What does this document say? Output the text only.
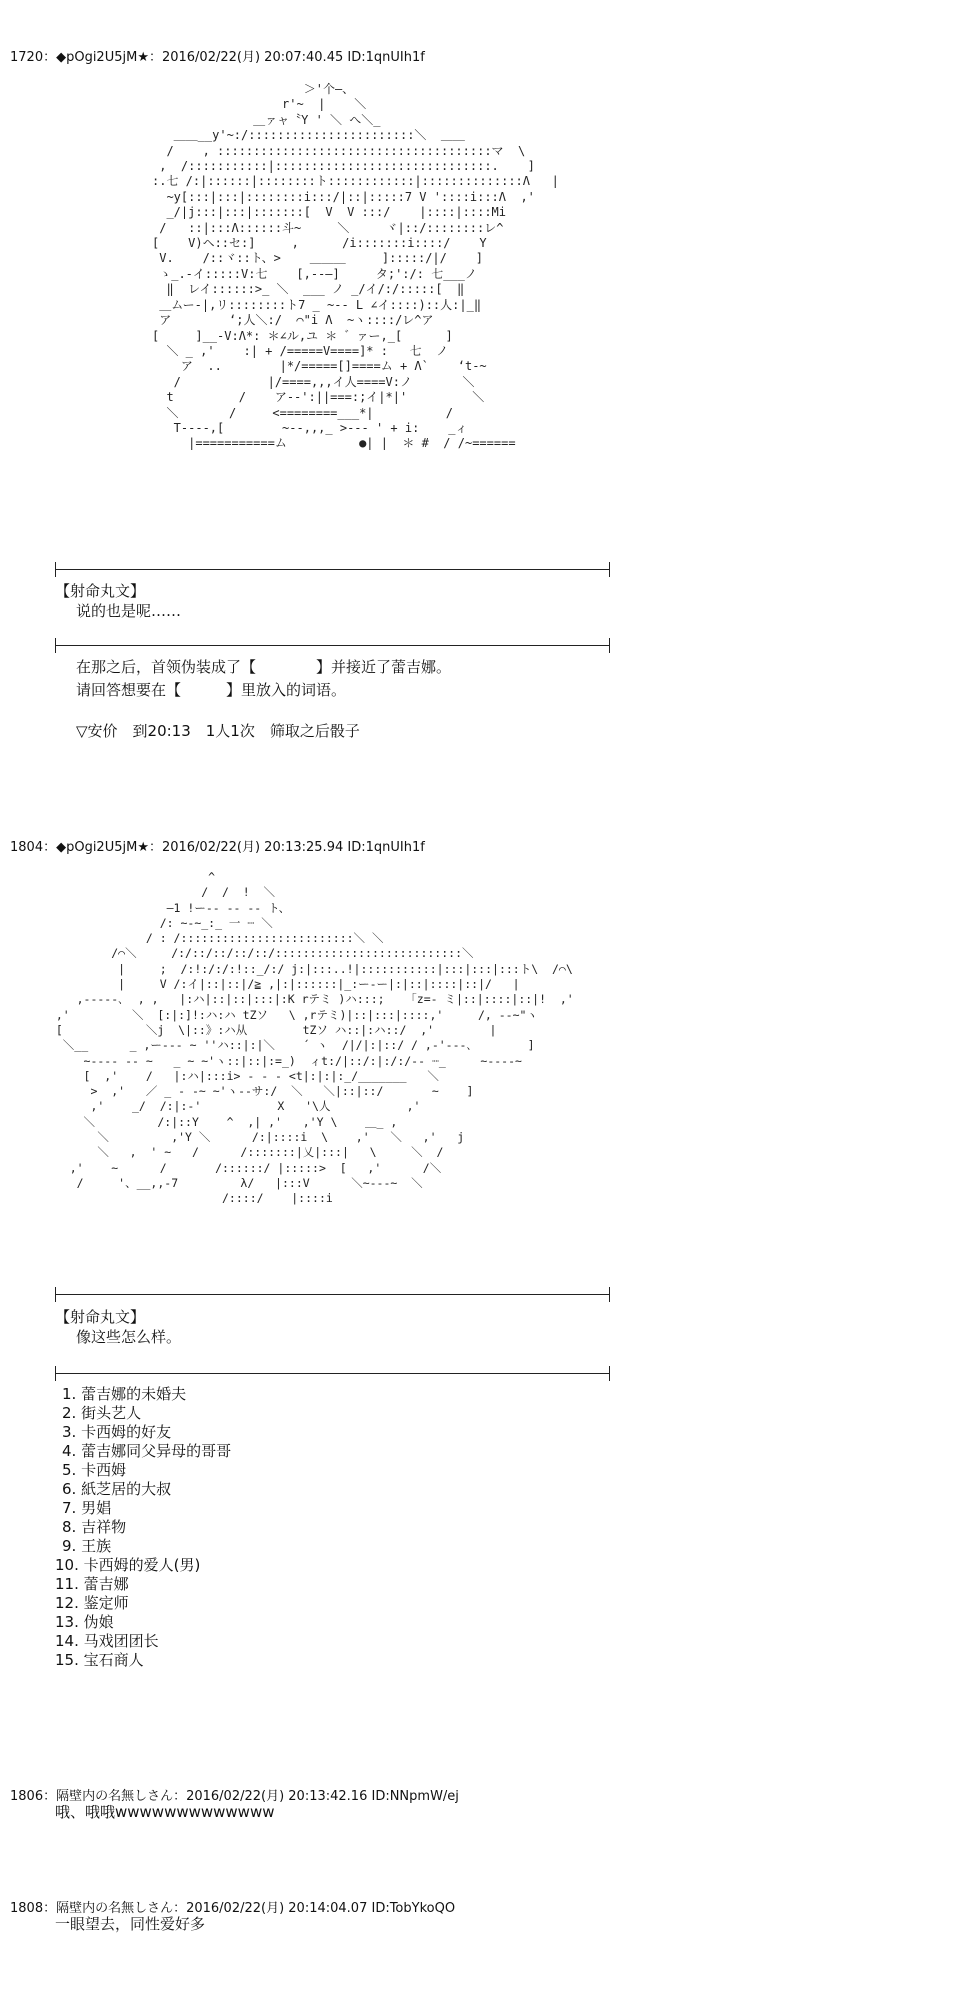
1720：◆pOgi2U5jM★：2016/02/22(月) 20:07:40.45 ID:1qnUIh1f
＞'个―、
r'~  |    ＼
＿ァャ〝Y ' ＼ へ＼_
＿＿__y'~:/:::::::::::::::::::::::＼  ＿＿
/    , ::::::::::::::::::::::::::::::::::::::マ  \
,  /:::::::::::|::::::::::::::::::::::::::::::.    ]
:.七 /:|::::::|::::::::ト::::::::::::|::::::::::::::Λ   |
~y[:::|:::|::::::::i:::/|::|:::::7 V '::::i:::Λ  ,'
_/|j:::|:::|:::::::[  V  V :::/    |::::|::::Mi
/   ::|:::Λ::::::斗~     ＼     ヾ|::/::::::::レ^
[    V)ヘ::セ:]     ,      /i:::::::i::::/    Y
V.    /::ヾ::ト、>    ＿＿＿     ]:::::/|/    ]
ゝ_.-イ:::::V:七    [,--―]     タ;':/: 七___ノ
‖  レイ::::::>_ ＼  ___ ノ _/イ/:/:::::[  ‖
＿ムー-|,リ::::::::ト7 _ ~-- L ∠イ::::)::人:|_‖
ア        ‘;人＼:/  ⌒"i Λ  ~ヽ::::/レ^ア
[     ]__-V:Λ*: ＊∠ル,ユ ＊ ゛ァー,_[      ]
＼ _ ,'    :| + /=====V====]* :   七  ノ
ア  ..        |*/=====[]====ム + Λ`    ‘t-~
/            |/====,,,イ人====V:ノ       ＼
t         /    ア--':||===:;イ|*|'         ＼
＼       /     <========___*|          /
T-‐-‐,[        ~‐-,,,_ >-‐‐ ' + i:    _ィ
|===========ム          ●| |  ＊ #  / /~======
【射命丸文】
说的也是呢……
在那之后，首领伪装成了【　　　　】并接近了蕾吉娜。
请回答想要在【　　　】里放入的词语。
▽安价　到20:13　1人1次　筛取之后骰子
1804：◆pOgi2U5jM★：2016/02/22(月) 20:13:25.94 ID:1qnUIh1f
^
/  /  !  ＼
―1 !ー-- -- -- ト、
/: ~-~_:_ 一 ┈ ＼
/ : /:::::::::::::::::::::::::＼ ＼
/⌒＼     /:/::/::/::/::/:::::::::::::::::::::::::::＼
|     ;  /:!:/:/:!::_/:/ j:|:::..!|:::::::::::|:::|:::|:::ト\  /⌒\
|     V /:イ|::|::|/≧ ,|:|::::::|_:ー-ー|:|::|::::|::|/   |
,--‐--､  , ,   |:ハ|::|::|:::|:K rテミ )ハ:::;   「z=- ミ|::|::::|::|!  ,'
,'         ＼  [:|:]!:ハ:ハ tZソ   \ ,rテミ)|::|:::|::::,'     /, -‐~"ヽ
[            ＼j  \|::》:ハ从        tZソ ハ::|:ハ::/  ,'        |
＼__      _ ,ー--‐ ~ ''ハ::|:|＼    ´ ヽ  /|/|:|::/ / ,-'‐‐-､        ]
~‐‐-- ‐‐ ~   _ ~ ~'ヽ::|::|:=_)  ィt:/|::/:|:/:/‐‐ ┈_     ~‐--‐~
[  ,'    /   |:ハ|:::i> - - - <t|:|:|:_/_______   ＼
>  ,'   ／ _ - -~ ~'ヽ-‐サ:/  ＼   ＼|::|::/       ~    ]
,'    _/  /:|:-'           X   '\人           ,'
＼         /:|::Y    ^  ,| ,'   ,'Y \    ＿_ ,
＼         ,'Y ＼      /:|::::i  \    ,'   ＼   ,'   j
＼   ,  ' ~   /      /:::::::|乂|:::|   \     ＼  /
,'    ~      /       /::::::/ |:::::>  [   ,'      /＼
/     '、__,,-7         λ/   |:::V      ＼~‐‐‐~  ＼
/::::/    |::::i
【射命丸文】
像这些怎么样。
1. 蕾吉娜的未婚夫
2. 街头艺人
3. 卡西姆的好友
4. 蕾吉娜同父异母的哥哥
5. 卡西姆
6. 紙芝居的大叔
7. 男娼
8. 吉祥物
9. 王族
10. 卡西姆的爱人(男)
11. 蕾吉娜
12. 鉴定师
13. 伪娘
14. 马戏团团长
15. 宝石商人
1806：隔壁内の名無しさん：2016/02/22(月) 20:13:42.16 ID:NNpmW/ej
哦、哦哦wwwwwwwwwwwww
1808：隔壁内の名無しさん：2016/02/22(月) 20:14:04.07 ID:TobYkoQO
一眼望去，同性爱好多
